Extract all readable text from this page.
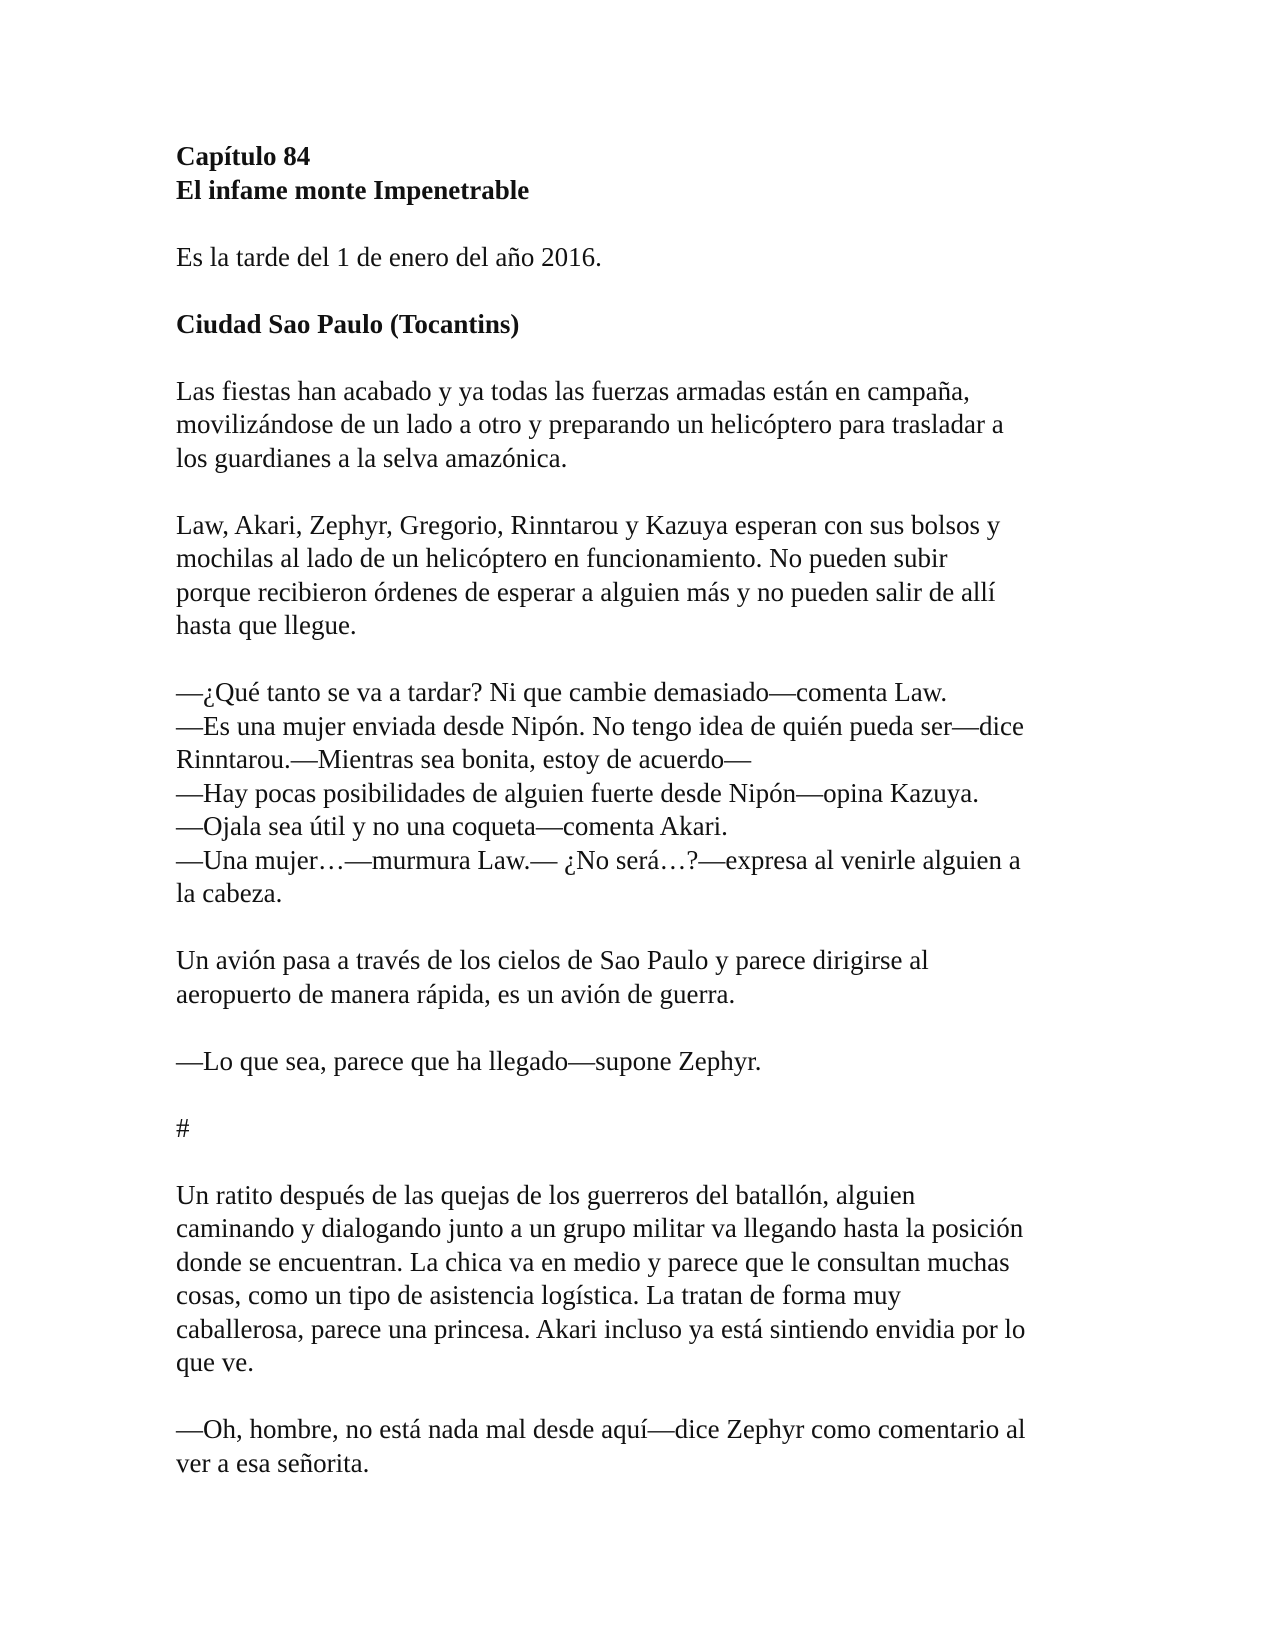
Capítulo 84

El infame monte Impenetrable

Es la tarde del 1 de enero del año 2016.

Ciudad Sao Paulo (Tocantins)

Las fiestas han acabado y ya todas las fuerzas armadas están en campaña,

movilizándose de un lado a otro y preparando un helicóptero para trasladar a

los guardianes a la selva amazónica.

Law, Akari, Zephyr, Gregorio, Rinntarou y Kazuya esperan con sus bolsos y

mochilas al lado de un helicóptero en funcionamiento. No pueden subir

porque recibieron órdenes de esperar a alguien más y no pueden salir de allí

hasta que llegue.

—¿Qué tanto se va a tardar? Ni que cambie demasiado—comenta Law.

—Es una mujer enviada desde Nipón. No tengo idea de quién pueda ser—dice

Rinntarou.—Mientras sea bonita, estoy de acuerdo—

—Hay pocas posibilidades de alguien fuerte desde Nipón—opina Kazuya.

—Ojala sea útil y no una coqueta—comenta Akari.

—Una mujer…—murmura Law.— ¿No será…?—expresa al venirle alguien a

la cabeza.

Un avión pasa a través de los cielos de Sao Paulo y parece dirigirse al

aeropuerto de manera rápida, es un avión de guerra.

—Lo que sea, parece que ha llegado—supone Zephyr.

#

Un ratito después de las quejas de los guerreros del batallón, alguien

caminando y dialogando junto a un grupo militar va llegando hasta la posición

donde se encuentran. La chica va en medio y parece que le consultan muchas

cosas, como un tipo de asistencia logística. La tratan de forma muy

caballerosa, parece una princesa. Akari incluso ya está sintiendo envidia por lo

que ve.

—Oh, hombre, no está nada mal desde aquí—dice Zephyr como comentario al

ver a esa señorita.
